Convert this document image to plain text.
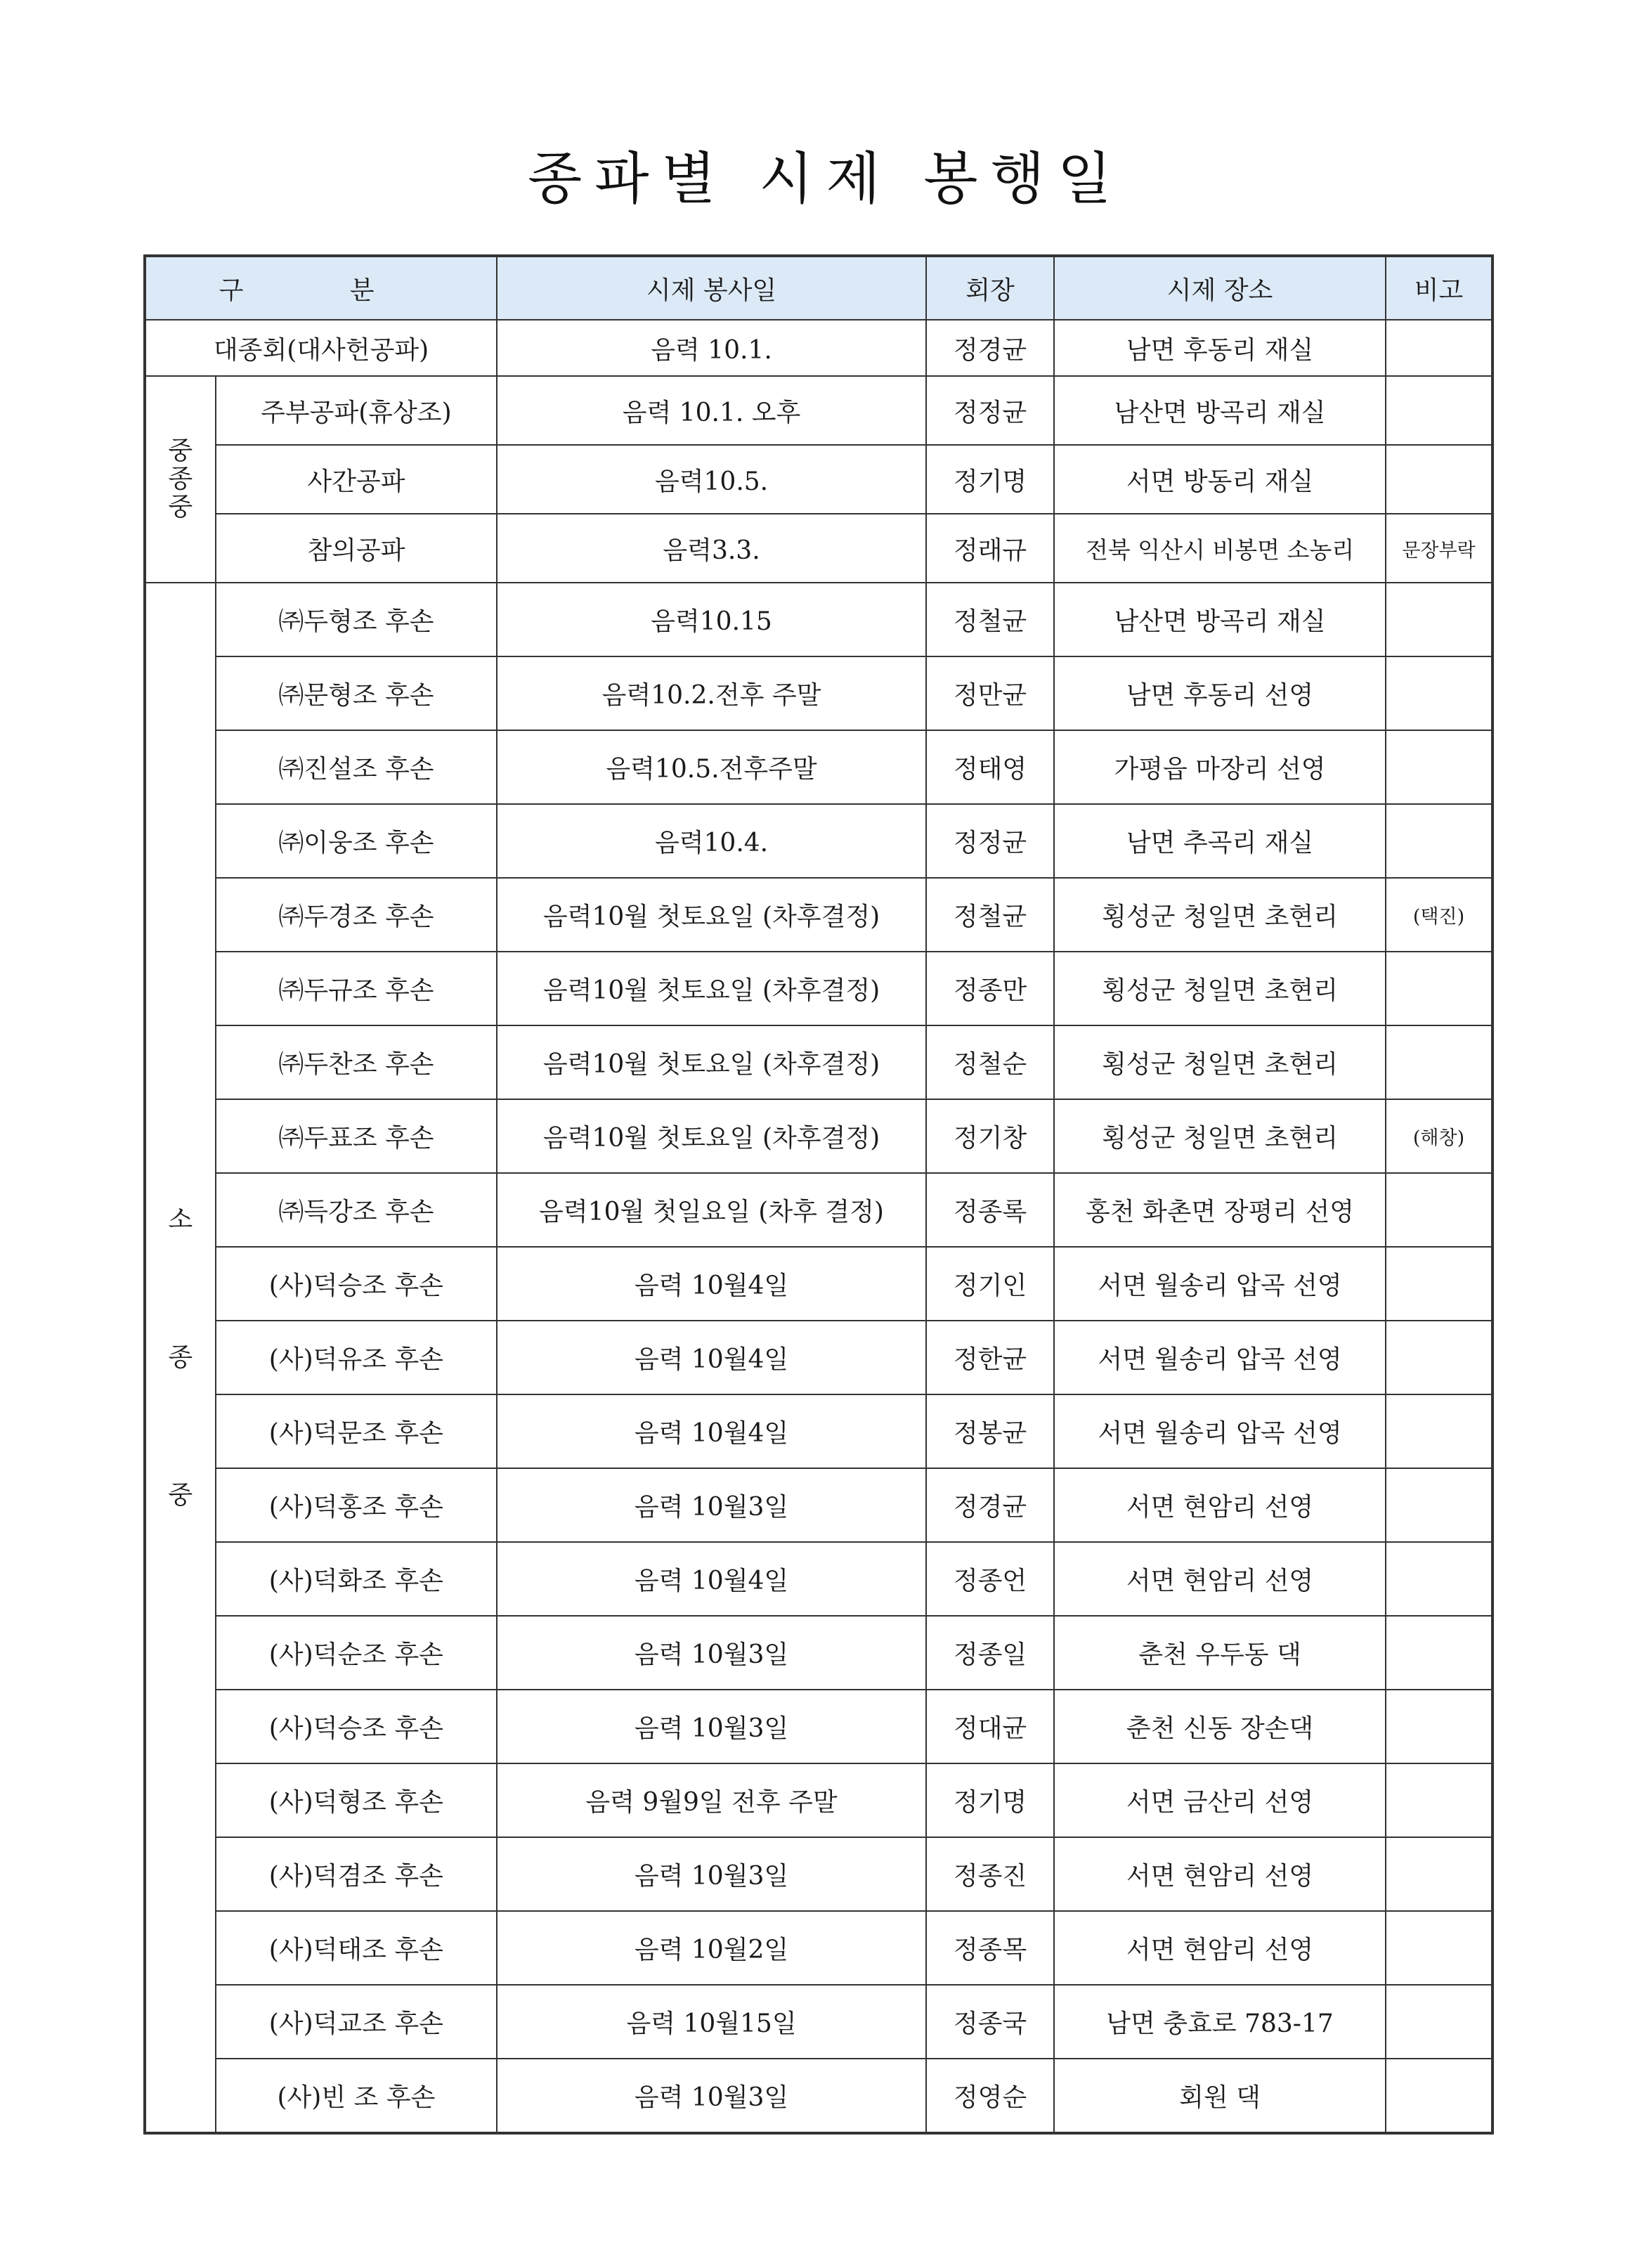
종파별 시제 봉행일
구 분		시제 봉사일	회장	시제 장소	비고
대종회(대사헌공파)		음력 10.1.	정경균	남면 후동리 재실	

중
종
중	주부공파(휴상조)	음력 10.1. 오후	정정균	남산면 방곡리 재실	
	사간공파	음력10.5.	정기명	서면 방동리 재실	
	참의공파	음력3.3.	정래규	전북 익산시 비봉면 소농리	문장부락

소
종
중	㈜두형조 후손	음력10.15	정철균	남산면 방곡리 재실	
	㈜문형조 후손	음력10.2.전후 주말	정만균	남면 후동리 선영	
	㈜진설조 후손	음력10.5.전후주말	정태영	가평읍 마장리 선영	
	㈜이웅조 후손	음력10.4.	정정균	남면 추곡리 재실	
	㈜두경조 후손	음력10월 첫토요일 (차후결정)	정철균	횡성군 청일면 초현리	(택진)
	㈜두규조 후손	음력10월 첫토요일 (차후결정)	정종만	횡성군 청일면 초현리	
	㈜두찬조 후손	음력10월 첫토요일 (차후결정)	정철순	횡성군 청일면 초현리	
	㈜두표조 후손	음력10월 첫토요일 (차후결정)	정기창	횡성군 청일면 초현리	(해창)
	㈜득강조 후손	음력10월 첫일요일 (차후 결정)	정종록	홍천 화촌면 장평리 선영	
	(사)덕승조 후손	음력 10월4일	정기인	서면 월송리 압곡 선영	
	(사)덕유조 후손	음력 10월4일	정한균	서면 월송리 압곡 선영	
	(사)덕문조 후손	음력 10월4일	정봉균	서면 월송리 압곡 선영	
	(사)덕홍조 후손	음력 10월3일	정경균	서면 현암리 선영	
	(사)덕화조 후손	음력 10월4일	정종언	서면 현암리 선영	
	(사)덕순조 후손	음력 10월3일	정종일	춘천 우두동 댁	
	(사)덕승조 후손	음력 10월3일	정대균	춘천 신동 장손댁	
	(사)덕형조 후손	음력 9월9일 전후 주말	정기명	서면 금산리 선영	
	(사)덕겸조 후손	음력 10월3일	정종진	서면 현암리 선영	
	(사)덕태조 후손	음력 10월2일	정종목	서면 현암리 선영	
	(사)덕교조 후손	음력 10월15일	정종국	남면 충효로 783-17	
	(사)빈 조 후손	음력 10월3일	정영순	회원 댁	
